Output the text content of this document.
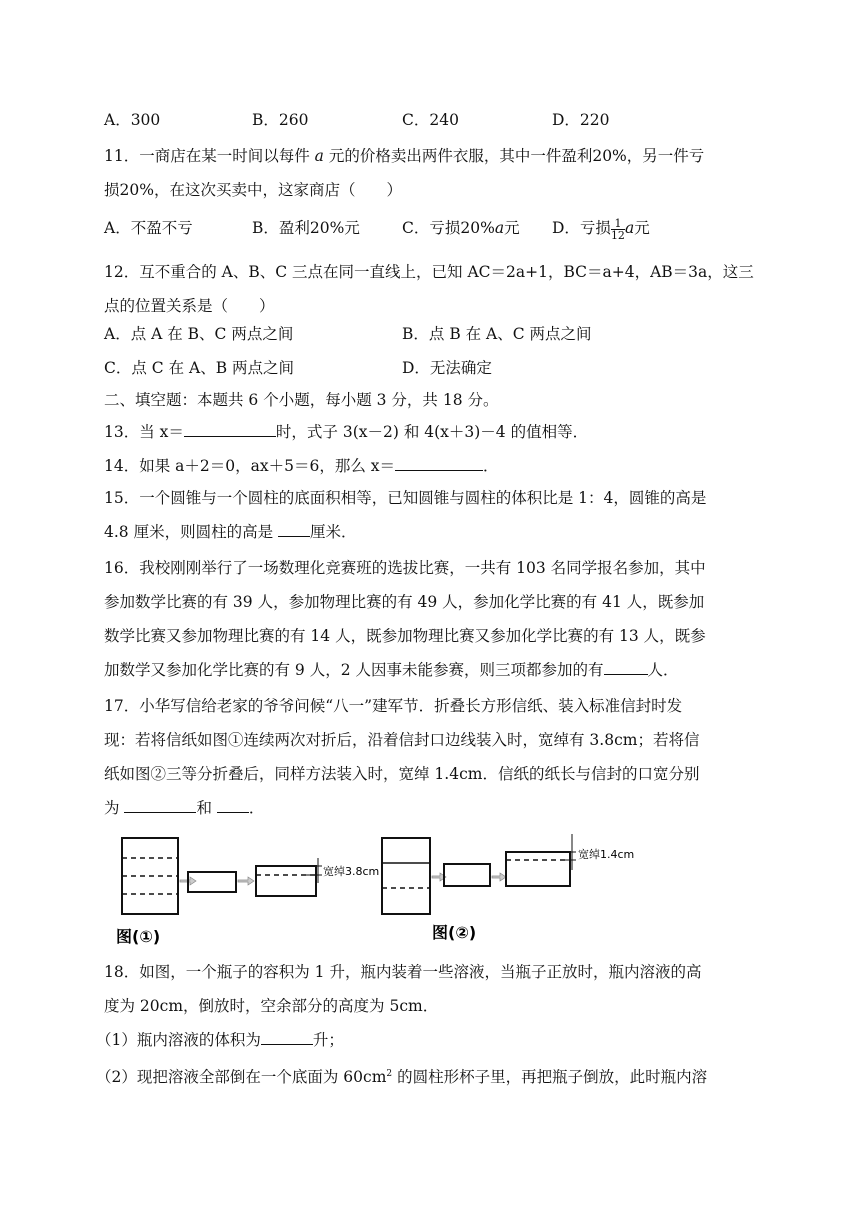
A．300	B．260	C．240	D．220
11．一商店在某一时间以每件 a 元的价格卖出两件衣服，其中一件盈利20%，另一件亏
损20%，在这次买卖中，这家商店（　　）
A．不盈不亏	B．盈利20%元	C．亏损20%a元 D．亏损 $\frac{1}{12}$ a元
12．互不重合的 A、B、C 三点在同一直线上，已知 AC＝2a+1，BC＝a+4，AB＝3a，这三
点的位置关系是（　　）
A．点 A 在 B、C 两点之间	B．点 B 在 A、C 两点之间
C．点 C 在 A、B 两点之间	D．无法确定
二、填空题：本题共 6 个小题，每小题 3 分，共 18 分。
13．当 x＝	时，式子 3(x－2) 和 4(x＋3)－4 的值相等．
14．如果 a＋2＝0，ax＋5＝6，那么 x＝	．
15．一个圆锥与一个圆柱的底面积相等，已知圆锥与圆柱的体积比是 1：4，圆锥的高是
4.8 厘米，则圆柱的高是 厘米．
16．我校刚刚举行了一场数理化竞赛班的选拔比赛，一共有 103 名同学报名参加，其中
参加数学比赛的有 39 人，参加物理比赛的有 49 人，参加化学比赛的有 41 人，既参加
数学比赛又参加物理比赛的有 14 人，既参加物理比赛又参加化学比赛的有 13 人，既参
加数学又参加化学比赛的有 9 人，2 人因事未能参赛，则三项都参加的有	人．
17．小华写信给老家的爷爷问候“八一”建军节．折叠长方形信纸、装入标准信封时发
现：若将信纸如图①连续两次对折后，沿着信封口边线装入时，宽绰有 3.8cm；若将信
纸如图②三等分折叠后，同样方法装入时，宽绰 1.4cm．信纸的纸长与信封的口宽分别
为	和 ．
宽绰3.8cm
图(①)
宽绰1.4cm
图(②)
18．如图，一个瓶子的容积为 1 升，瓶内装着一些溶液，当瓶子正放时，瓶内溶液的高
度为 20cm，倒放时，空余部分的高度为 5cm．
（1）瓶内溶液的体积为	升；
（2）现把溶液全部倒在一个底面为 $60cm^2$ 的圆柱形杯子里，再把瓶子倒放，此时瓶内溶
